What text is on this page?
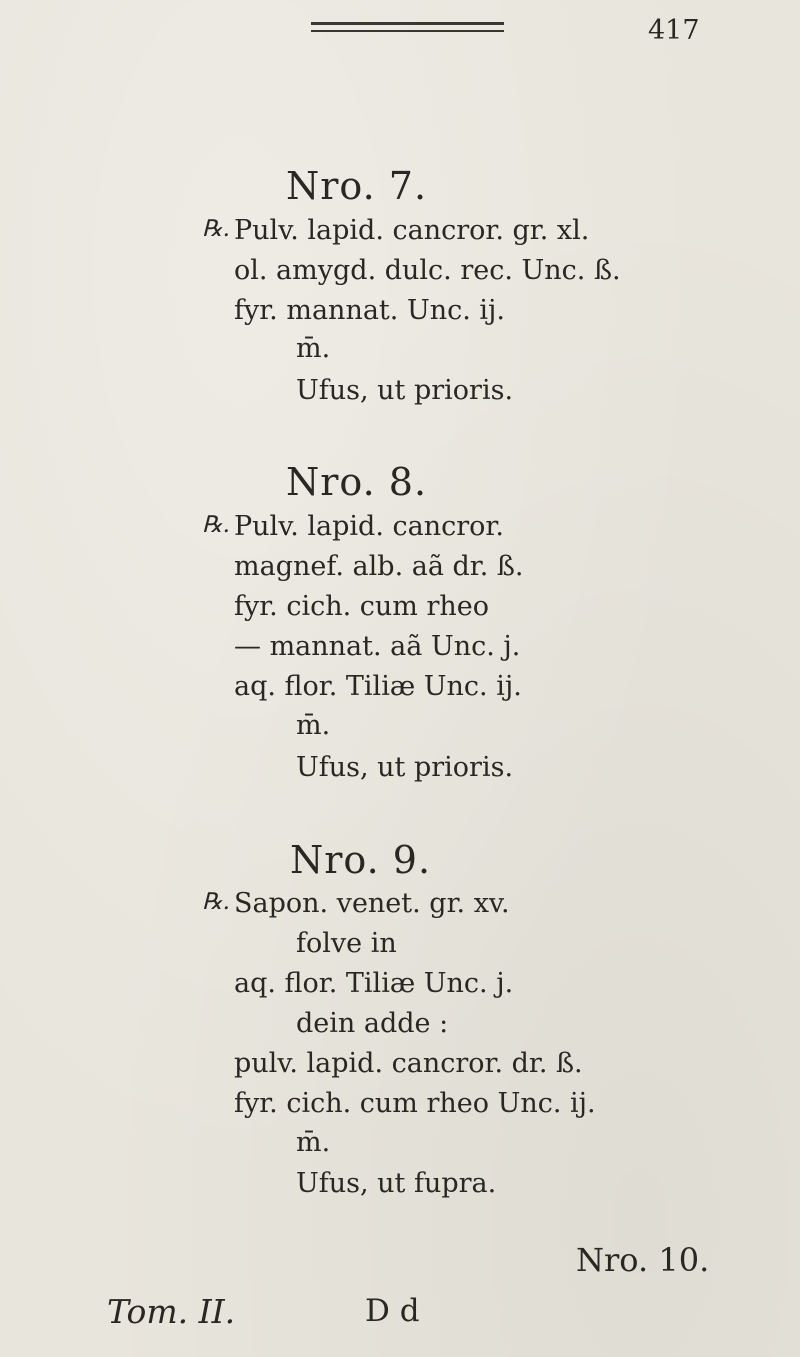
417
Nro. 7.
℞. Pulv. lapid. cancror. gr. xl.
ol. amygd. dulc. rec. Unc. ß.
fyr. mannat. Unc. ij.
m̄.
Ufus, ut prioris.
Nro. 8.
℞. Pulv. lapid. cancror.
magnef. alb. aã dr. ß.
fyr. cich. cum rheo
— mannat. aã Unc. j.
aq. flor. Tiliæ Unc. ij.
m̄.
Ufus, ut prioris.
Nro. 9.
℞. Sapon. venet. gr. xv.
folve in
aq. flor. Tiliæ Unc. j.
dein adde :
pulv. lapid. cancror. dr. ß.
fyr. cich. cum rheo Unc. ij.
m̄.
Ufus, ut fupra.
Nro. 10.
Tom. II.	D d
